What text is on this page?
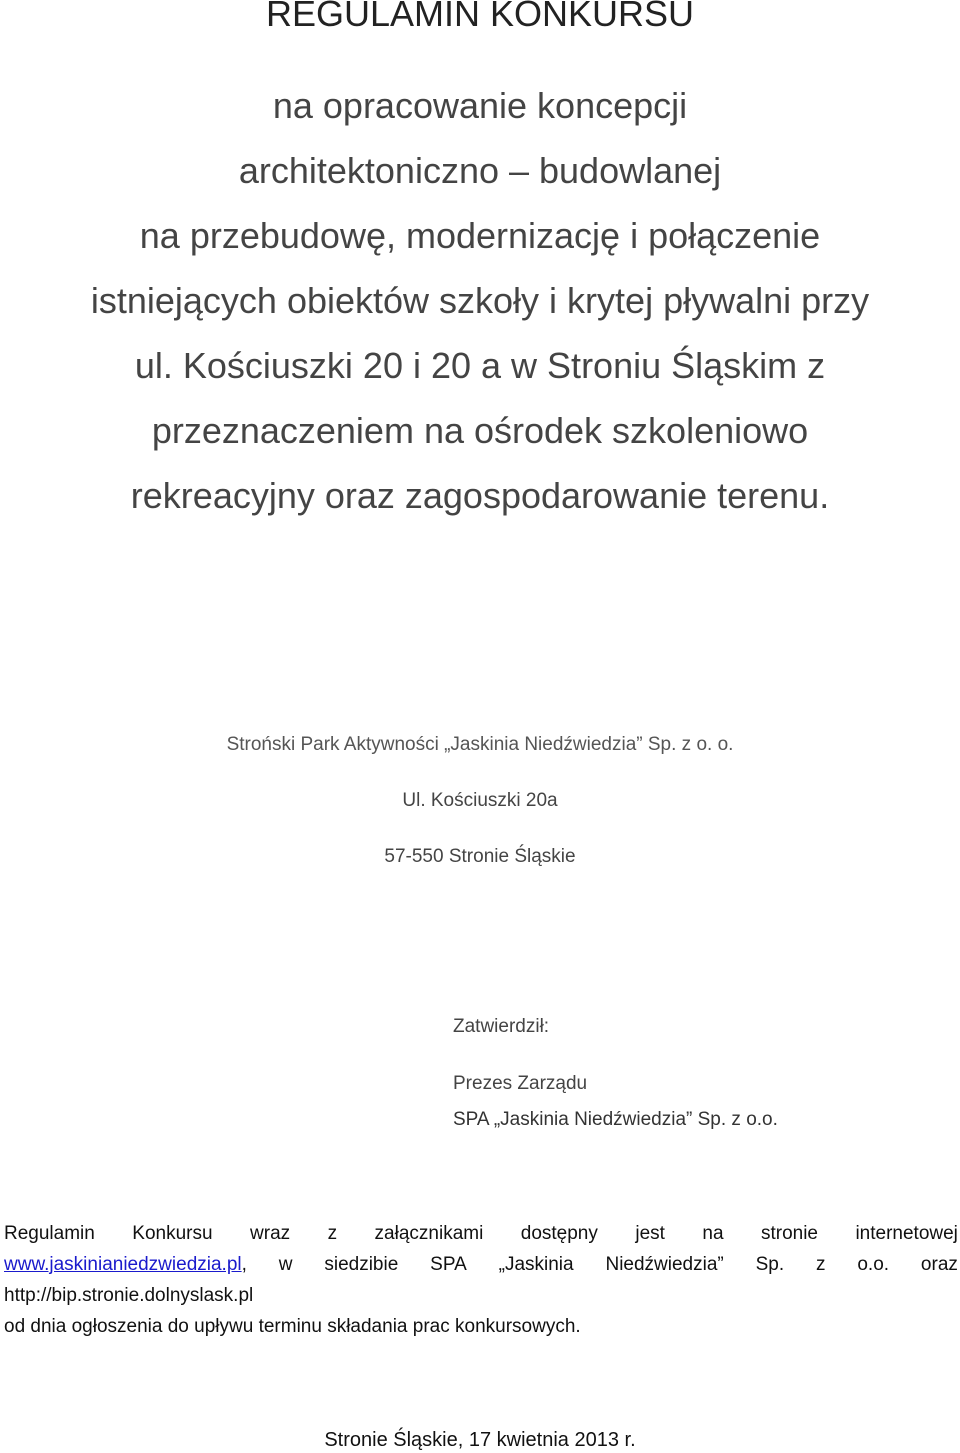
REGULAMIN KONKURSU
na opracowanie koncepcji
architektoniczno – budowlanej
na przebudowę, modernizację i połączenie
istniejących obiektów szkoły i krytej pływalni przy
ul. Kościuszki 20 i 20 a w Stroniu Śląskim z
przeznaczeniem na ośrodek szkoleniowo
rekreacyjny oraz zagospodarowanie terenu.
Stroński Park Aktywności „Jaskinia Niedźwiedzia” Sp. z o. o.
Ul. Kościuszki 20a
57-550 Stronie Śląskie
Zatwierdził:
Prezes Zarządu
SPA „Jaskinia Niedźwiedzia” Sp. z o.o.
Regulamin Konkursu wraz z załącznikami dostępny jest na stronie internetowej
www.jaskinianiedzwiedzia.pl, w siedzibie SPA „Jaskinia Niedźwiedzia” Sp. z o.o. oraz
http://bip.stronie.dolnyslask.pl
od dnia ogłoszenia do upływu terminu składania prac konkursowych.
Stronie Śląskie, 17 kwietnia 2013 r.
